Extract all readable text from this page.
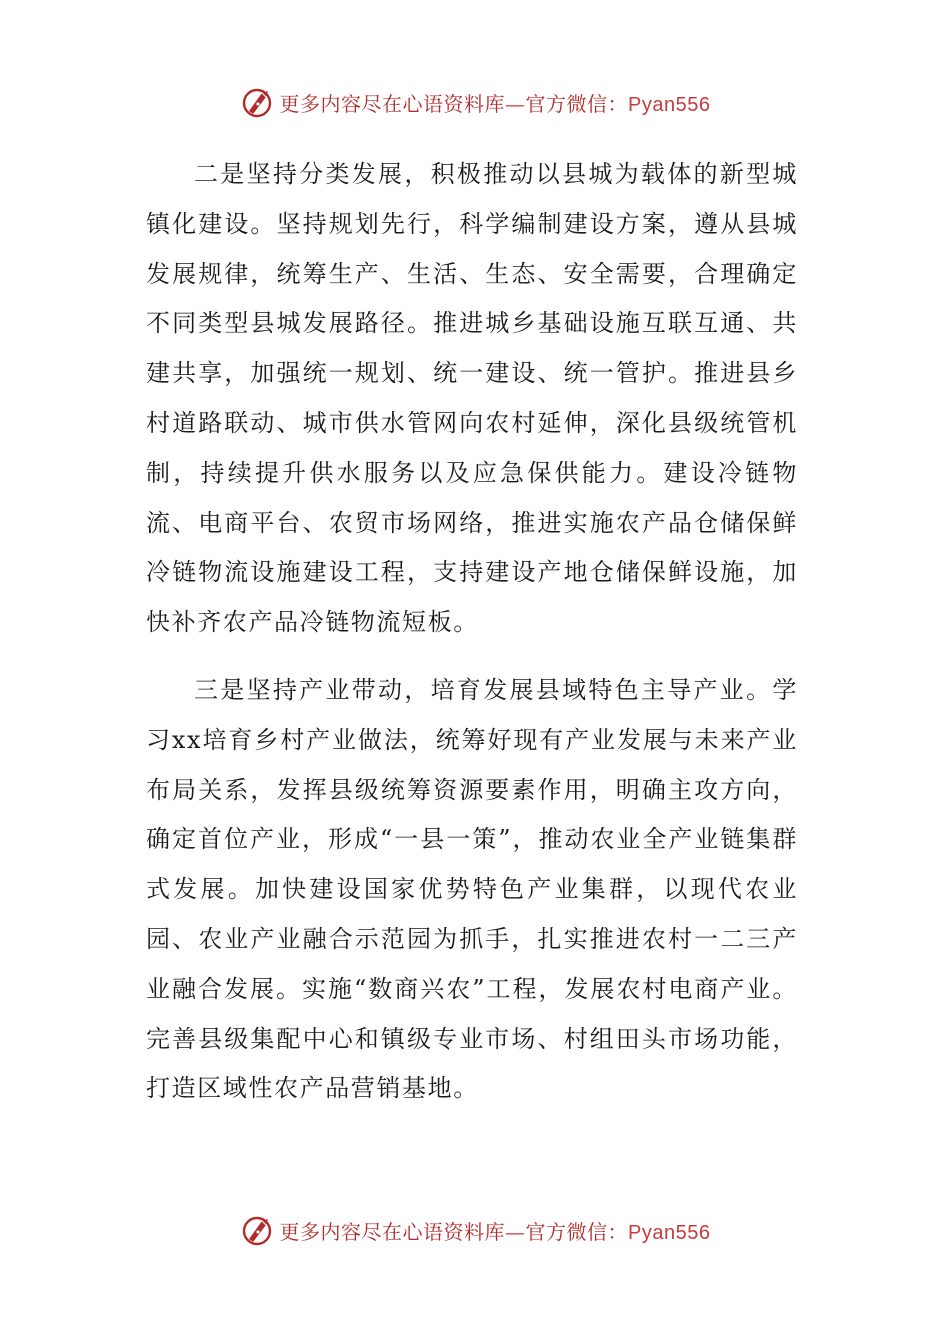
更多内容尽在心语资料库—官方微信：Pyan556

二是坚持分类发展，积极推动以县城为载体的新型城镇化建设。坚持规划先行，科学编制建设方案，遵从县城发展规律，统筹生产、生活、生态、安全需要，合理确定不同类型县城发展路径。推进城乡基础设施互联互通、共建共享，加强统一规划、统一建设、统一管护。推进县乡村道路联动、城市供水管网向农村延伸，深化县级统管机制，持续提升供水服务以及应急保供能力。建设冷链物流、电商平台、农贸市场网络，推进实施农产品仓储保鲜冷链物流设施建设工程，支持建设产地仓储保鲜设施，加快补齐农产品冷链物流短板。

三是坚持产业带动，培育发展县域特色主导产业。学习xx培育乡村产业做法，统筹好现有产业发展与未来产业布局关系，发挥县级统筹资源要素作用，明确主攻方向，确定首位产业，形成“一县一策”，推动农业全产业链集群式发展。加快建设国家优势特色产业集群，以现代农业园、农业产业融合示范园为抓手，扎实推进农村一二三产业融合发展。实施“数商兴农”工程，发展农村电商产业。完善县级集配中心和镇级专业市场、村组田头市场功能，打造区域性农产品营销基地。

更多内容尽在心语资料库—官方微信：Pyan556
